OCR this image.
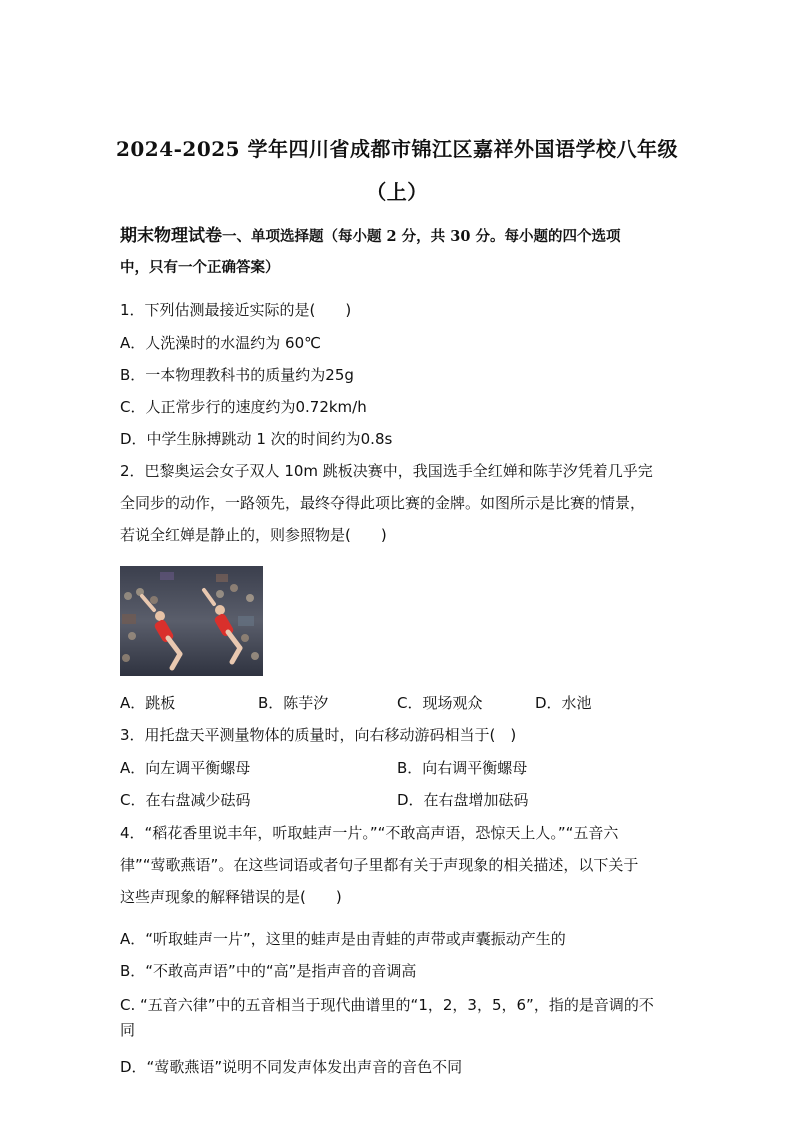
2024-2025 学年四川省成都市锦江区嘉祥外国语学校八年级
（上）
期末物理试卷一、单项选择题（每小题 2 分，共 30 分。每小题的四个选项
中，只有一个正确答案）
1．下列估测最接近实际的是(　　)
A．人洗澡时的水温约为 60℃
B．一本物理教科书的质量约为25g
C．人正常步行的速度约为0.72km/h
D．中学生脉搏跳动 1 次的时间约为0.8s
2．巴黎奥运会女子双人 10m 跳板决赛中，我国选手全红婵和陈芋汐凭着几乎完
全同步的动作，一路领先，最终夺得此项比赛的金牌。如图所示是比赛的情景，
若说全红婵是静止的，则参照物是(　　)
A．跳板	B．陈芋汐	C．现场观众	D．水池
3．用托盘天平测量物体的质量时，向右移动游码相当于(　)
A．向左调平衡螺母	B．向右调平衡螺母
C．在右盘减少砝码	D．在右盘增加砝码
4．“稻花香里说丰年，听取蛙声一片。”“不敢高声语，恐惊天上人。”“五音六
律”“莺歌燕语”。在这些词语或者句子里都有关于声现象的相关描述，以下关于
这些声现象的解释错误的是(　　)
A．“听取蛙声一片”，这里的蛙声是由青蛙的声带或声囊振动产生的
B．“不敢高声语”中的“高”是指声音的音调高
C. “五音六律”中的五音相当于现代曲谱里的“1，2，3，5，6”，指的是音调的不
同
D．“莺歌燕语”说明不同发声体发出声音的音色不同
